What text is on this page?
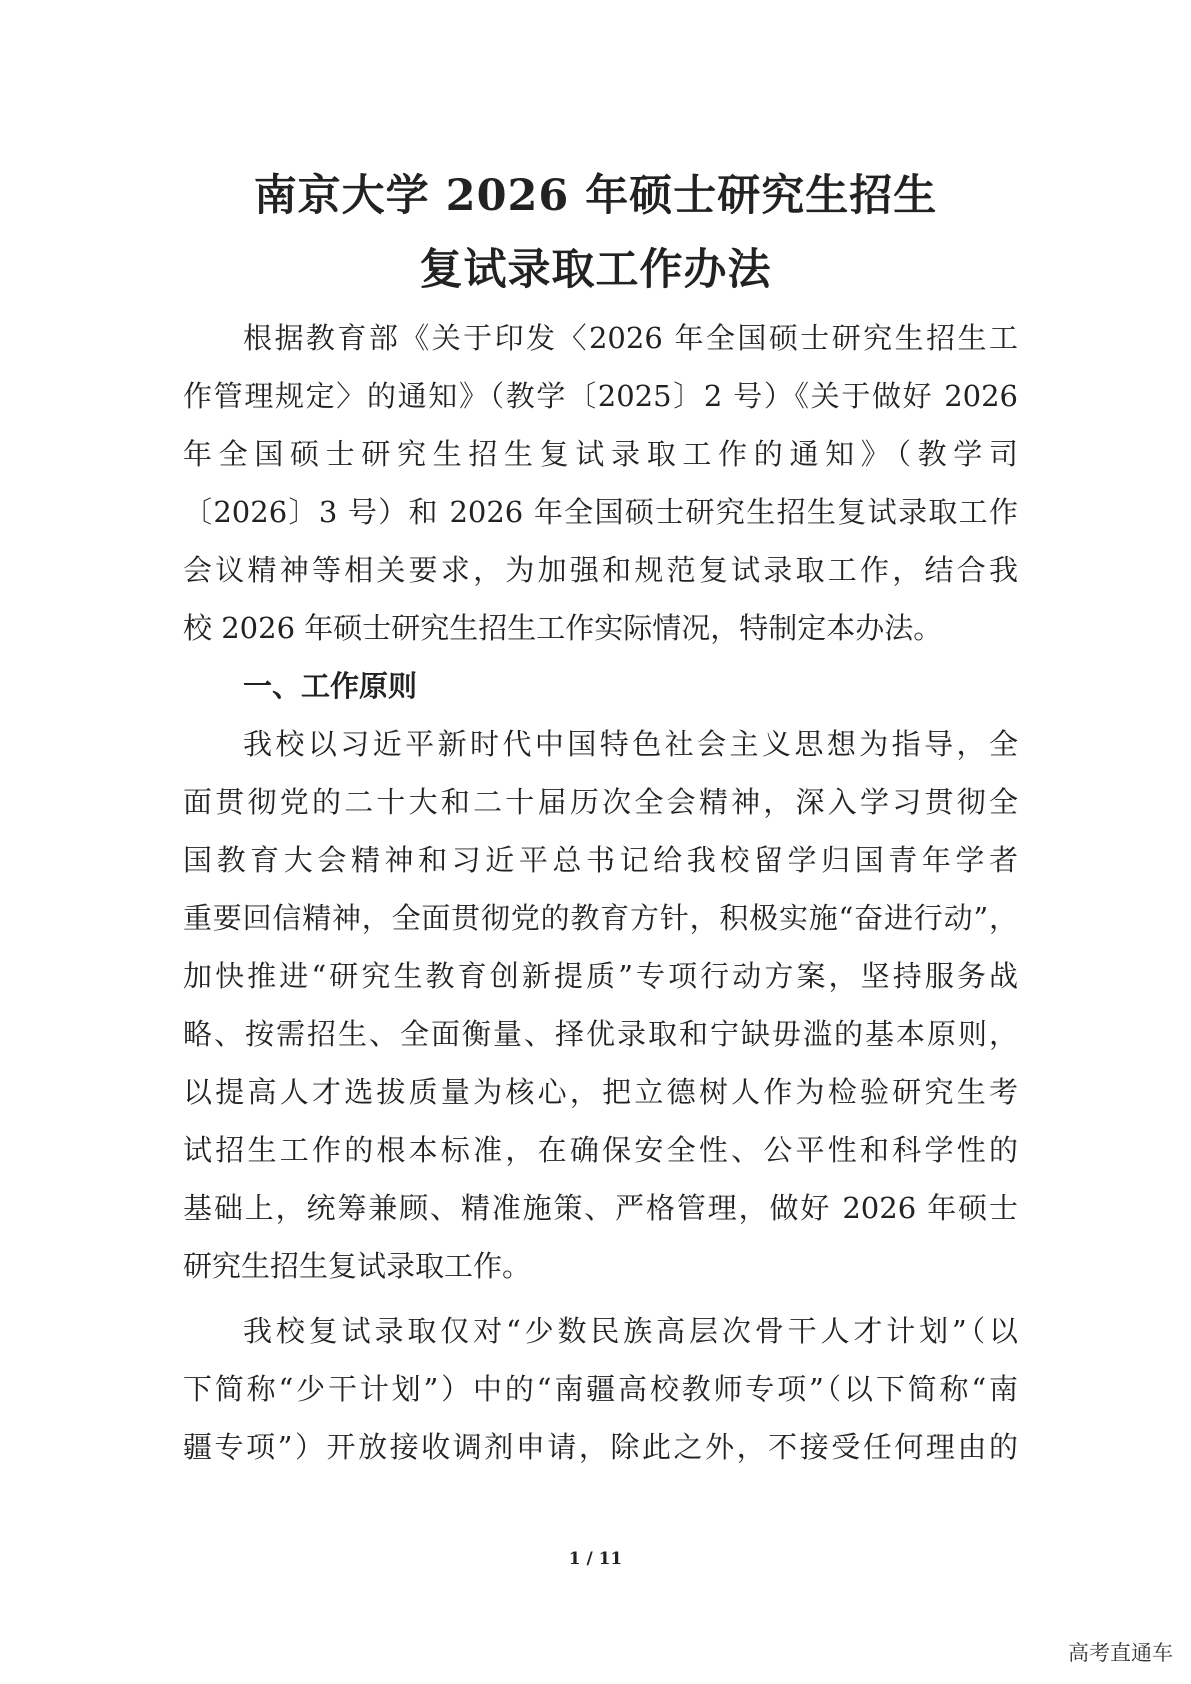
南京大学 2026 年硕士研究生招生
复试录取工作办法
根据教育部《关于印发〈2026 年全国硕士研究生招生工
作管理规定〉的通知》（教学〔2025〕2 号）《关于做好 2026
年全国硕士研究生招生复试录取工作的通知》（教学司
〔2026〕3 号）和 2026 年全国硕士研究生招生复试录取工作
会议精神等相关要求，为加强和规范复试录取工作，结合我
校 2026 年硕士研究生招生工作实际情况，特制定本办法。
一、工作原则
我校以习近平新时代中国特色社会主义思想为指导，全
面贯彻党的二十大和二十届历次全会精神，深入学习贯彻全
国教育大会精神和习近平总书记给我校留学归国青年学者
重要回信精神，全面贯彻党的教育方针，积极实施“奋进行动”，
加快推进“研究生教育创新提质”专项行动方案，坚持服务战
略、按需招生、全面衡量、择优录取和宁缺毋滥的基本原则，
以提高人才选拔质量为核心，把立德树人作为检验研究生考
试招生工作的根本标准，在确保安全性、公平性和科学性的
基础上，统筹兼顾、精准施策、严格管理，做好 2026 年硕士
研究生招生复试录取工作。
我校复试录取仅对“少数民族高层次骨干人才计划”（以
下简称“少干计划”）中的“南疆高校教师专项”（以下简称“南
疆专项”）开放接收调剂申请，除此之外，不接受任何理由的
1 / 11
高考直通车
